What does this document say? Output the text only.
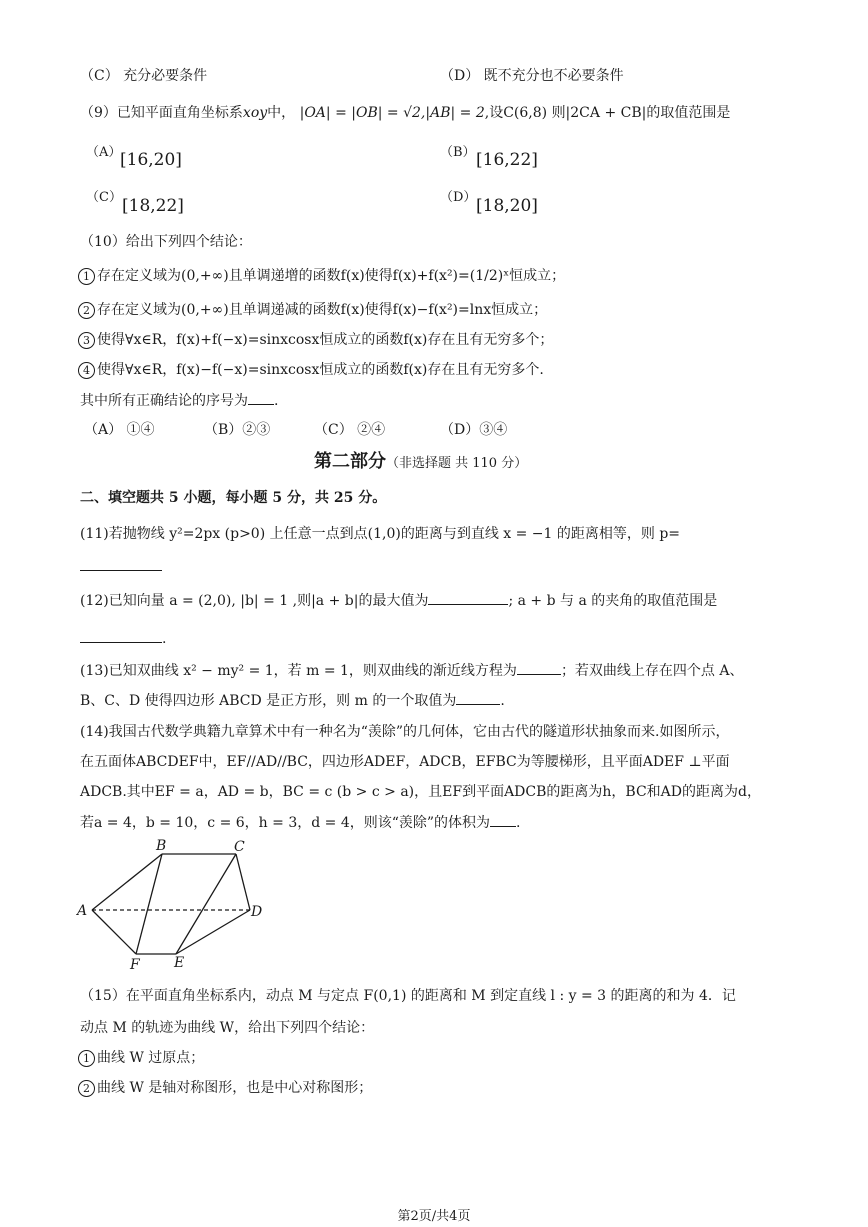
（C） 充分必要条件	（D） 既不充分也不必要条件
（9）已知平面直角坐标系xoy中， |OA| = |OB| = √2,|AB| = 2,设C(6,8) 则|2CA + CB|的取值范围是
（A）
[16,20]	（B） [16,22]
（C） [18,22]	（D） [18,20]
（10）给出下列四个结论：
1 存在定义域为(0,+∞)且单调递增的函数f(x)使得f(x)+f(x²)=(1/2)ˣ恒成立；
2 存在定义域为(0,+∞)且单调递减的函数f(x)使得f(x)−f(x²)=lnx恒成立；
3 使得∀x∈R，f(x)+f(−x)=sinxcosx恒成立的函数f(x)存在且有无穷多个；
4 使得∀x∈R，f(x)−f(−x)=sinxcosx恒成立的函数f(x)存在且有无穷多个.
其中所有正确结论的序号为 .
（A） ①④	（B）②③	（C） ②④	（D）③④
第二部分（非选择题 共 110 分）
二、填空题共 5 小题，每小题 5 分，共 25 分。
(11)若抛物线 y²=2px (p>0) 上任意一点到点(1,0)的距离与到直线 x = −1 的距离相等，则 p=
(12)已知向量 a = (2,0), |b| = 1 ,则|a + b|的最大值为	; a + b 与 a 的夹角的取值范围是
.
(13)已知双曲线 x² − my² = 1，若 m = 1，则双曲线的渐近线方程为	；若双曲线上存在四个点 A、
B、C、D 使得四边形 ABCD 是正方形，则 m 的一个取值为	.
(14)我国古代数学典籍九章算术中有一种名为“羡除”的几何体，它由古代的隧道形状抽象而来.如图所示，
在五面体ABCDEF中，EF//AD//BC，四边形ADEF，ADCB，EFBC为等腰梯形，且平面ADEF ⊥平面
ADCB.其中EF = a，AD = b，BC = c (b > c > a)，且EF到平面ADCB的距离为h，BC和AD的距离为d，
若a = 4，b = 10，c = 6，h = 3，d = 4，则该“羡除”的体积为 .
A
B	C
D
E
F
（15）在平面直角坐标系内，动点 M 与定点 F(0,1) 的距离和 M 到定直线 l : y = 3 的距离的和为 4．记
动点 M 的轨迹为曲线 W，给出下列四个结论：
1 曲线 W 过原点；
2 曲线 W 是轴对称图形，也是中心对称图形；
第2页/共4页
